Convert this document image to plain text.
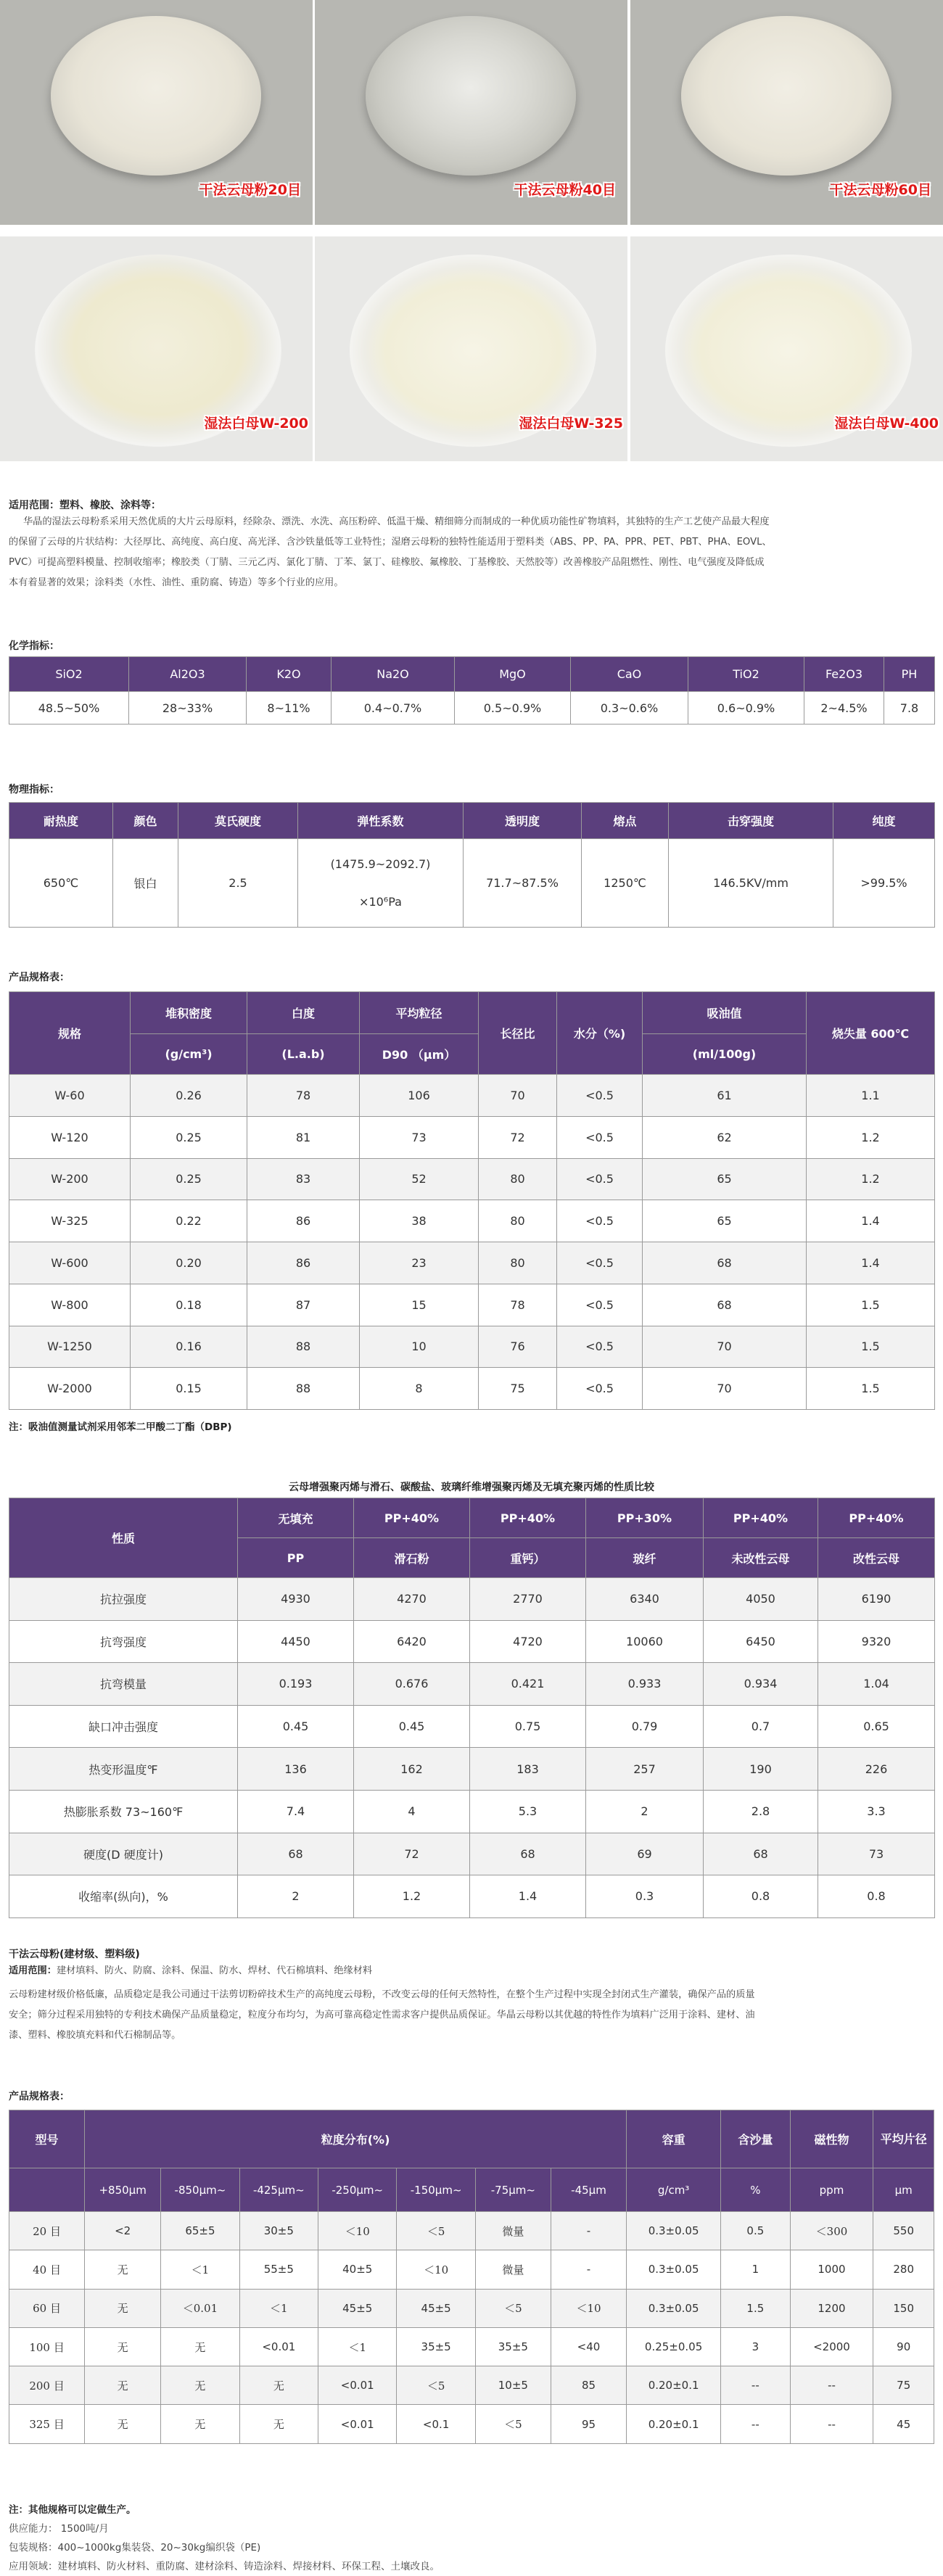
干法云母粉20目	干法云母粉40目	干法云母粉60目
湿法白母W-200	湿法白母W-325	湿法白母W-400
适用范围：塑料、橡胶、涂料等：
华晶的湿法云母粉系采用天然优质的大片云母原料，经除杂、漂洗、水洗、高压粉碎、低温干燥、精细筛分而制成的一种优质功能性矿物填料，其独特的生产工艺使产品最大程度
的保留了云母的片状结构：大径厚比、高纯度、高白度、高光泽、含沙铁量低等工业特性；湿磨云母粉的独特性能适用于塑料类（ABS、PP、PA、PPR、PET、PBT、PHA、EOVL、
PVC）可提高塑料模量、控制收缩率；橡胶类（丁腈、三元乙丙、氯化丁腈、丁苯、氯丁、硅橡胶、氟橡胶、丁基橡胶、天然胶等）改善橡胶产品阻燃性、刚性、电气强度及降低成
本有着显著的效果；涂料类（水性、油性、重防腐、铸造）等多个行业的应用。
化学指标：
SiO2	Al2O3	K2O	Na2O	MgO	CaO	TiO2	Fe2O3	PH
48.5~50%	28~33%	8~11%	0.4~0.7%	0.5~0.9%	0.3~0.6%	0.6~0.9%	2~4.5%	7.8
物理指标：
耐热度	颜色	莫氏硬度	弹性系数	透明度	熔点	击穿强度	纯度
650℃	银白	2.5	(1475.9~2092.7)
×10⁶Pa	71.7~87.5%	1250℃	146.5KV/mm	>99.5%
产品规格表：
规格	堆积密度	白度	平均粒径	长径比	水分（%)	吸油值	烧失量 600℃
	(g/cm³)	(L.a.b)	D90 （μm）			(ml/100g)	
W-60	0.26	78	106	70	<0.5	61	1.1
W-120	0.25	81	73	72	<0.5	62	1.2
W-200	0.25	83	52	80	<0.5	65	1.2
W-325	0.22	86	38	80	<0.5	65	1.4
W-600	0.20	86	23	80	<0.5	68	1.4
W-800	0.18	87	15	78	<0.5	68	1.5
W-1250	0.16	88	10	76	<0.5	70	1.5
W-2000	0.15	88	8	75	<0.5	70	1.5
注：吸油值测量试剂采用邻苯二甲酸二丁酯（DBP)
云母增强聚丙烯与滑石、碳酸盐、玻璃纤维增强聚丙烯及无填充聚丙烯的性质比较
性质	无填充	PP+40%	PP+40%	PP+30%	PP+40%	PP+40%
	PP	滑石粉	重钙）	玻纤	未改性云母	改性云母
抗拉强度	4930	4270	2770	6340	4050	6190
抗弯强度	4450	6420	4720	10060	6450	9320
抗弯模量	0.193	0.676	0.421	0.933	0.934	1.04
缺口冲击强度	0.45	0.45	0.75	0.79	0.7	0.65
热变形温度℉	136	162	183	257	190	226
热膨胀系数 73~160℉	7.4	4	5.3	2	2.8	3.3
硬度(D 硬度计)	68	72	68	69	68	73
收缩率(纵向)，%	2	1.2	1.4	0.3	0.8	0.8
干法云母粉(建材级、塑料级)
适用范围：建材填料、防火、防腐、涂料、保温、防水、焊材、代石棉填料、绝缘材料
云母粉建材级价格低廉，品质稳定是我公司通过干法剪切粉碎技术生产的高纯度云母粉，不改变云母的任何天然特性，在整个生产过程中实现全封闭式生产灌装，确保产品的质量
安全；筛分过程采用独特的专利技术确保产品质量稳定，粒度分布均匀，为高可靠高稳定性需求客户提供品质保证。华晶云母粉以其优越的特性作为填料广泛用于涂料、建材、油
漆、塑料、橡胶填充料和代石棉制品等。
产品规格表：
型号	粒度分布(%)							容重	含沙量	磁性物	平均片径
	+850μm	-850μm~	-425μm~	-250μm~	-150μm~	-75μm~	-45μm	g/cm³	%	ppm	μm
20 目	<2	65±5	30±5	＜10	＜5	微量	-	0.3±0.05	0.5	＜300	550
40 目	无	＜1	55±5	40±5	＜10	微量	-	0.3±0.05	1	1000	280
60 目	无	＜0.01	＜1	45±5	45±5	＜5	＜10	0.3±0.05	1.5	1200	150
100 目	无	无	<0.01	＜1	35±5	35±5	<40	0.25±0.05	3	<2000	90
200 目	无	无	无	<0.01	＜5	10±5	85	0.20±0.1	--	--	75
325 目	无	无	无	<0.01	<0.1	＜5	95	0.20±0.1	--	--	45
注：其他规格可以定做生产。
供应能力： 1500吨/月
包装规格：400~1000kg集装袋、20~30kg编织袋（PE)
应用领域：建材填料、防火材料、重防腐、建材涂料、铸造涂料、焊接材料、环保工程、土壤改良。
